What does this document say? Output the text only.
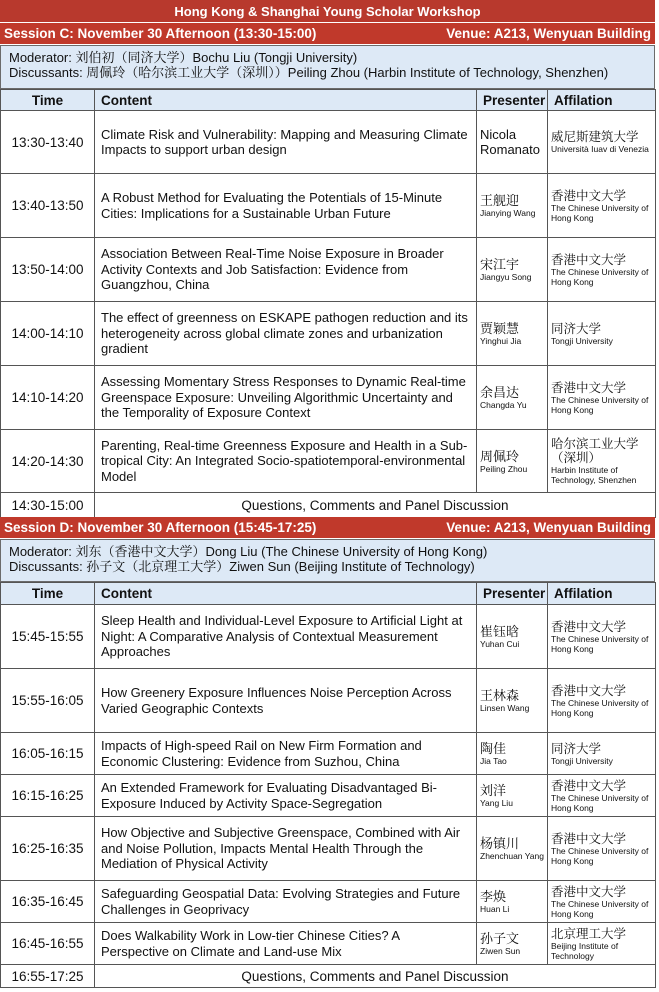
Hong Kong & Shanghai Young Scholar Workshop
Session C: November 30 Afternoon (13:30-15:00)	Venue: A213, Wenyuan Building
Moderator: 刘伯初（同济大学）Bochu Liu (Tongji University)
Discussants: 周佩玲（哈尔滨工业大学（深圳））Peiling Zhou (Harbin Institute of Technology, Shenzhen)
Time	Content	Presenter	Affilation
13:30-13:40	Climate Risk and Vulnerability: Mapping and Measuring Climate Impacts to support urban design	Nicola Romanato	威尼斯建筑大学
Università Iuav di Venezia

13:40-13:50	A Robust Method for Evaluating the Potentials of 15-Minute Cities: Implications for a Sustainable Urban Future	王舰迎
Jianying Wang	香港中文大学
The Chinese University of Hong Kong

13:50-14:00	Association Between Real-Time Noise Exposure in Broader Activity Contexts and Job Satisfaction: Evidence from Guangzhou, China	宋江宇
Jiangyu Song	香港中文大学
The Chinese University of Hong Kong

14:00-14:10	The effect of greenness on ESKAPE pathogen reduction and its heterogeneity across global climate zones and urbanization gradient	贾颖慧
Yinghui Jia	同济大学
Tongji University

14:10-14:20	Assessing Momentary Stress Responses to Dynamic Real-time Greenspace Exposure: Unveiling Algorithmic Uncertainty and the Temporality of Exposure Context	余昌达
Changda Yu	香港中文大学
The Chinese University of Hong Kong

14:20-14:30	Parenting, Real-time Greenness Exposure and Health in a Sub-tropical City: An Integrated Socio-spatiotemporal-environmental Model	周佩玲
Peiling Zhou	哈尔滨工业大学（深圳）
Harbin Institute of Technology, Shenzhen

14:30-15:00	Questions, Comments and Panel Discussion		
Session D: November 30 Afternoon (15:45-17:25)	Venue: A213, Wenyuan Building
Moderator: 刘东（香港中文大学）Dong Liu (The Chinese University of Hong Kong)
Discussants: 孙子文（北京理工大学）Ziwen Sun (Beijing Institute of Technology)
Time	Content	Presenter	Affilation
15:45-15:55	Sleep Health and Individual-Level Exposure to Artificial Light at Night: A Comparative Analysis of Contextual Measurement Approaches	崔钰晗
Yuhan Cui	香港中文大学
The Chinese University of Hong Kong

15:55-16:05	How Greenery Exposure Influences Noise Perception Across Varied Geographic Contexts	王林森
Linsen Wang	香港中文大学
The Chinese University of Hong Kong

16:05-16:15	Impacts of High-speed Rail on New Firm Formation and Economic Clustering: Evidence from Suzhou, China	陶佳
Jia Tao	同济大学
Tongji University

16:15-16:25	An Extended Framework for Evaluating Disadvantaged Bi-Exposure Induced by Activity Space-Segregation	刘洋
Yang Liu	香港中文大学
The Chinese University of Hong Kong

16:25-16:35	How Objective and Subjective Greenspace, Combined with Air and Noise Pollution, Impacts Mental Health Through the Mediation of Physical Activity	杨镇川
Zhenchuan Yang	香港中文大学
The Chinese University of Hong Kong

16:35-16:45	Safeguarding Geospatial Data: Evolving Strategies and Future Challenges in Geoprivacy	李焕
Huan Li	香港中文大学
The Chinese University of Hong Kong

16:45-16:55	Does Walkability Work in Low-tier Chinese Cities? A Perspective on Climate and Land-use Mix	孙子文
Ziwen Sun	北京理工大学
Beijing Institute of Technology

16:55-17:25	Questions, Comments and Panel Discussion		
